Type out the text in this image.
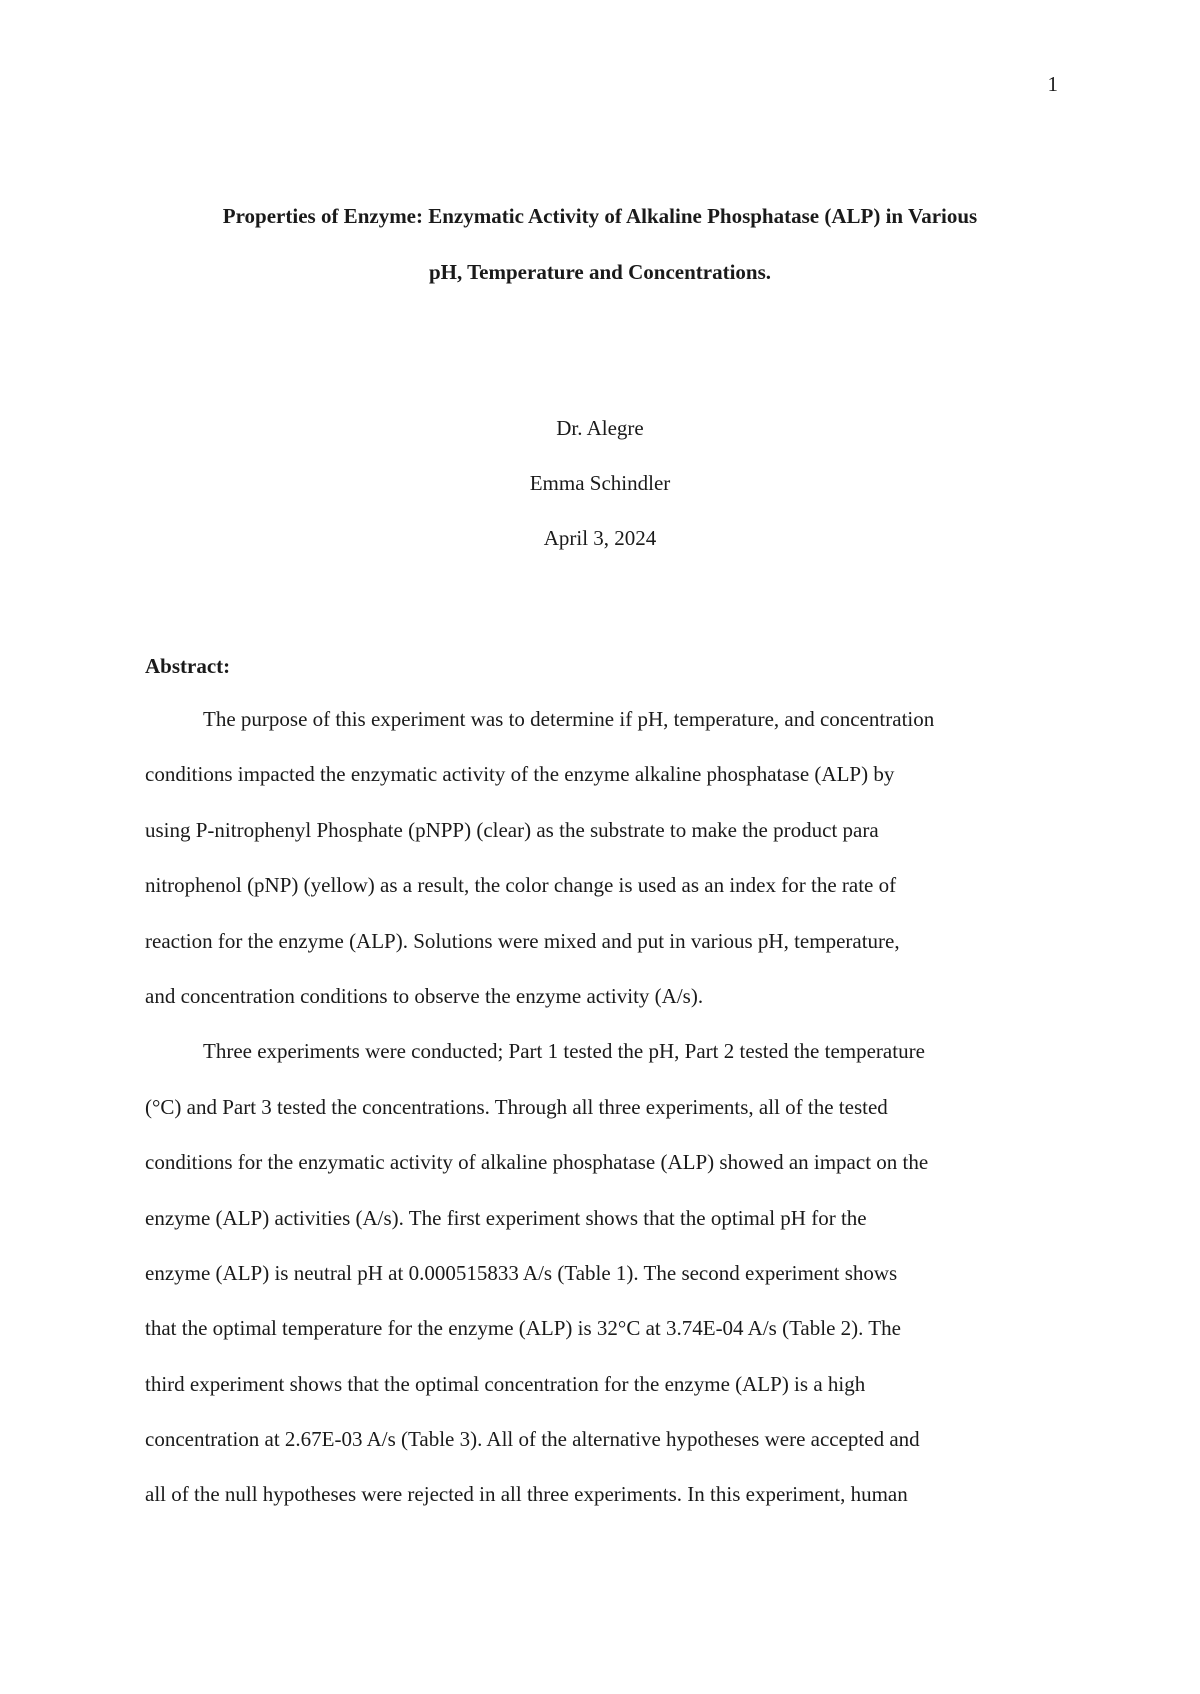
1
Properties of Enzyme: Enzymatic Activity of Alkaline Phosphatase (ALP) in Various
pH, Temperature and Concentrations.
Dr. Alegre
Emma Schindler
April 3, 2024
Abstract:
The purpose of this experiment was to determine if pH, temperature, and concentration
conditions impacted the enzymatic activity of the enzyme alkaline phosphatase (ALP) by
using P-nitrophenyl Phosphate (pNPP) (clear) as the substrate to make the product para
nitrophenol (pNP) (yellow) as a result, the color change is used as an index for the rate of
reaction for the enzyme (ALP). Solutions were mixed and put in various pH, temperature,
and concentration conditions to observe the enzyme activity (A/s).
Three experiments were conducted; Part 1 tested the pH, Part 2 tested the temperature
(°C) and Part 3 tested the concentrations. Through all three experiments, all of the tested
conditions for the enzymatic activity of alkaline phosphatase (ALP) showed an impact on the
enzyme (ALP) activities (A/s). The first experiment shows that the optimal pH for the
enzyme (ALP) is neutral pH at 0.000515833 A/s (Table 1). The second experiment shows
that the optimal temperature for the enzyme (ALP) is 32°C at 3.74E-04 A/s (Table 2). The
third experiment shows that the optimal concentration for the enzyme (ALP) is a high
concentration at 2.67E-03 A/s (Table 3). All of the alternative hypotheses were accepted and
all of the null hypotheses were rejected in all three experiments. In this experiment, human
